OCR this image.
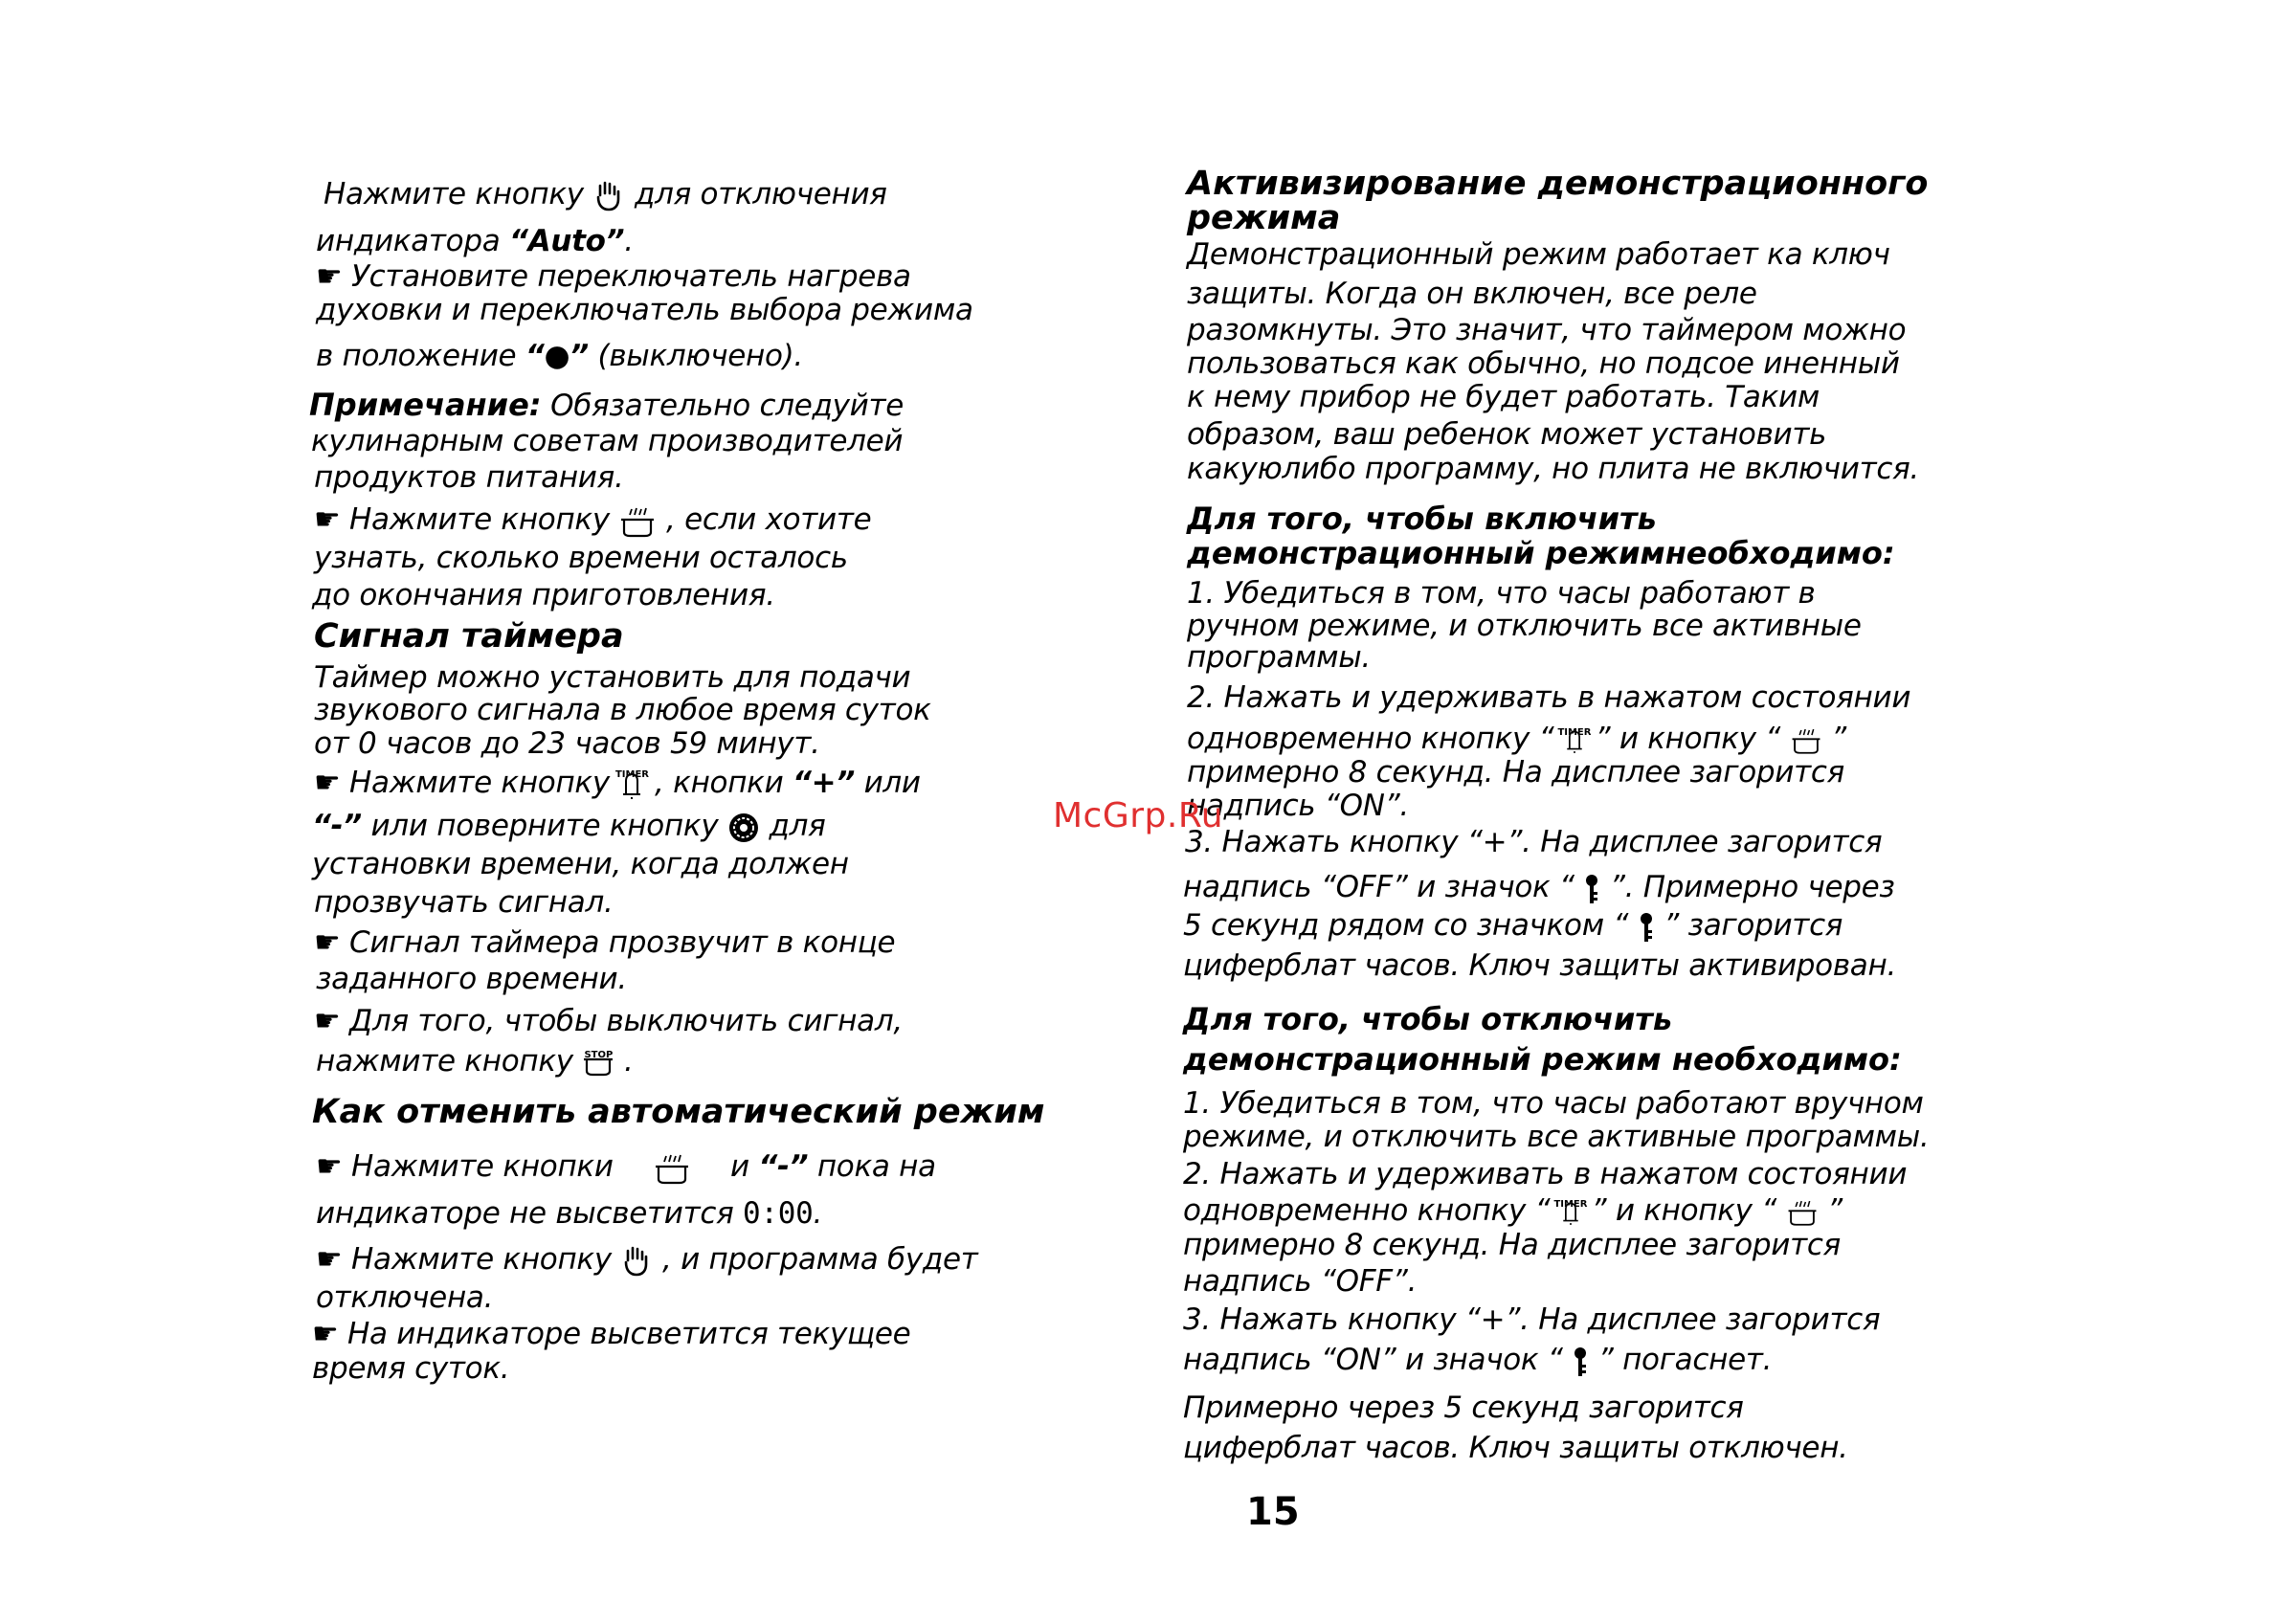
Нажмите кнопку для отключения
индикатора “Auto”.
☛ Установите переключатель нагрева
духовки и переключатель выбора режима
в положение “●” (выключено).
Примечание: Обязательно следуйте
кулинарным советам производителей
продуктов питания.
☛ Нажмите кнопку , если хотите
узнать, сколько времени осталось
до окончания приготовления.
Сигнал таймера
Таймер можно установить для подачи
звукового сигнала в любое время суток
от 0 часов до 23 часов 59 минут.
☛ Нажмите кнопку TIMER , кнопки “+” или
“-” или поверните кнопку для
установки времени, когда должен
прозвучать сигнал.
☛ Сигнал таймера прозвучит в конце
заданного времени.
☛ Для того, чтобы выключить сигнал,
нажмите кнопку STOP .
Как отменить автоматический режим
☛ Нажмите кнопки	и “-” пока на
индикаторе не высветится 0:00.
☛ Нажмите кнопку , и программа будет
отключена.
☛ На индикаторе высветится текущее
время суток.
Активизирование демонстрационного
режима
Демонстрационный режим работает ка ключ
защиты. Когда он включен, все реле
разомкнуты. Это значит, что таймером можно
пользоваться как обычно, но подсое иненный
к нему прибор не будет работать. Таким
образом, ваш ребенок может установить
какуюлибо программу, но плита не включится.
Для того, чтобы включить
демонстрационный режимнеобходимо:
1. Убедиться в том, что часы работают в
ручном режиме, и отключить все активные
программы.
2. Нажать и удерживать в нажатом состоянии
одновременно кнопку “ TIMER ” и кнопку “ ”
примерно 8 секунд. На дисплее загорится
надпись “ON”.
3. Нажать кнопку “+”. На дисплее загорится
надпись “OFF” и значок “ ”. Примерно через
5 секунд рядом со значком “ ” загорится
циферблат часов. Ключ защиты активирован.
Для того, чтобы отключить
демонстрационный режим необходимо:
1. Убедиться в том, что часы работают вручном
режиме, и отключить все активные программы.
2. Нажать и удерживать в нажатом состоянии
одновременно кнопку “ TIMER ” и кнопку “ ”
примерно 8 секунд. На дисплее загорится
надпись “OFF”.
3. Нажать кнопку “+”. На дисплее загорится
надпись “ON” и значок “ ” погаснет.
Примерно через 5 секунд загорится
циферблат часов. Ключ защиты отключен.
McGrp.Ru
15
